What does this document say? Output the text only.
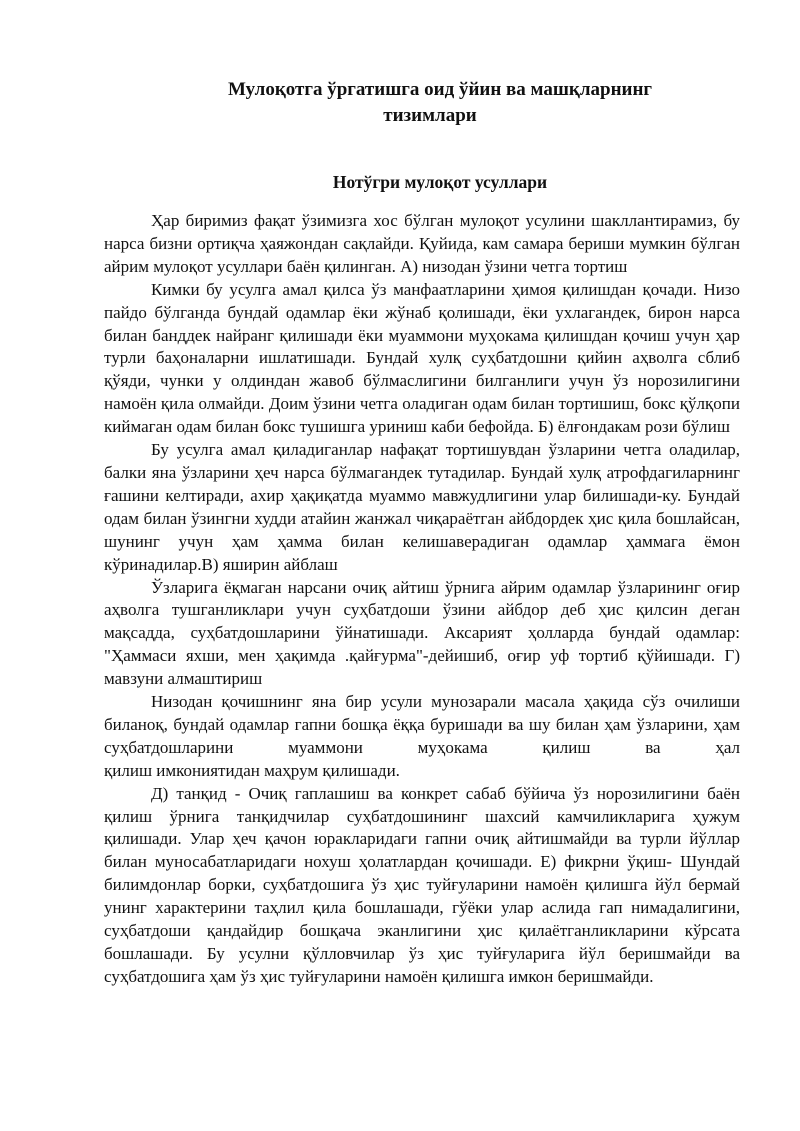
Мулоқотга ўргатишга оид ўйин ва машқларнинг
тизимлари
Нотўгри мулоқот усуллари

Ҳар биримиз фақат ўзимизга хос бўлган мулоқот усулини шакллантирамиз, бу нарса бизни ортиқча ҳаяжондан сақлайди. Қуйида, кам самара бериши мумкин бўлган айрим мулоқот усуллари баён қилинган. А) низодан ўзини четга тортиш

Кимки бу усулга амал қилса ўз манфаатларини ҳимоя қилишдан қочади. Низо пайдо бўлганда бундай одамлар ёки жўнаб қолишади, ёки ухлагандек, бирон нарса билан банддек найранг қилишади ёки муаммони муҳокама қилишдан қочиш учун ҳар турли баҳоналарни ишлатишади. Бундай хулқ суҳбатдошни қийин аҳволга сблиб қўяди, чунки у олдиндан жавоб бўлмаслигини билганлиги учун ўз норозилигини намоён қила олмайди. Доим ўзини четга оладиган одам билан тортишиш, бокс қўлқопи киймаган одам билан бокс тушишга уриниш каби бефойда. Б) ёлғондакам рози бўлиш

Бу усулга амал қиладиганлар нафақат тортишувдан ўзларини четга оладилар, балки яна ўзларини ҳеч нарса бўлмагандек тутадилар. Бундай хулқ атрофдагиларнинг ғашини келтиради, ахир ҳақиқатда муаммо мавжудлигини улар билишади-ку. Бундай одам билан ўзингни худди атайин жанжал чиқараётган айбдордек ҳис қила бошлайсан, шунинг учун ҳам ҳамма билан келишаверадиган одамлар ҳаммага ёмон кўринадилар.В) яширин айблаш

Ўзларига ёқмаган нарсани очиқ айтиш ўрнига айрим одамлар ўзларининг оғир аҳволга тушганликлари учун суҳбатдоши ўзини айбдор деб ҳис қилсин деган мақсадда, суҳбатдошларини ўйнатишади. Аксарият ҳолларда бундай одамлар: "Ҳаммаси яхши, мен ҳақимда .қайғурма"-дейишиб, оғир уф тортиб қўйишади. Г) мавзуни алмаштириш

Низодан қочишнинг яна бир усули мунозарали масала ҳақида сўз очилиши биланоқ, бундай одамлар гапни бошқа ёққа буришади ва шу билан ҳам ўзларини, ҳам суҳбатдошларини муаммони муҳокама қилиш ва ҳал

қилиш имкониятидан маҳрум қилишади.

Д) танқид - Очиқ гаплашиш ва конкрет сабаб бўйича ўз норозилигини баён қилиш ўрнига танқидчилар суҳбатдошининг шахсий камчиликларига ҳужум қилишади. Улар ҳеч қачон юракларидаги гапни очиқ айтишмайди ва турли йўллар билан муносабатларидаги нохуш ҳолатлардан қочишади. Е) фикрни ўқиш- Шундай билимдонлар борки, суҳбатдошига ўз ҳис туйғуларини намоён қилишга йўл бермай унинг характерини таҳлил қила бошлашади, гўёки улар аслида гап нимадалигини, суҳбатдоши қандайдир бошқача эканлигини ҳис қилаётганликларини кўрсата бошлашади. Бу усулни қўлловчилар ўз ҳис туйғуларига йўл беришмайди ва суҳбатдошига ҳам ўз ҳис туйғуларини намоён қилишга имкон беришмайди.
